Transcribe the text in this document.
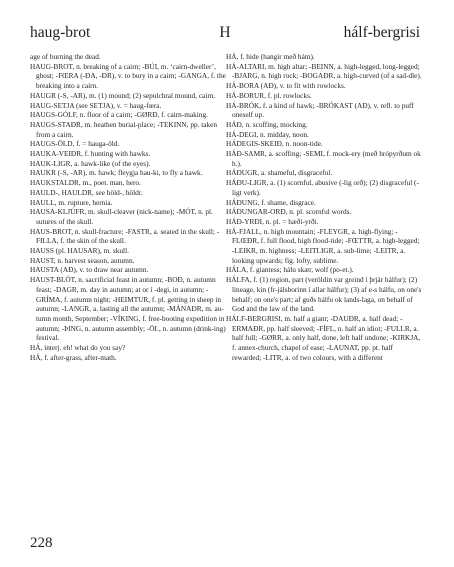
haug-brot	H	hálf-bergrisi

age of burning the dead.

HAUG-BROT, n. breaking of a cairn; -BÚI, m. ‘cairn-dweller’, ghost; -FŒRA (-ÐA, -ÐR), v. to bury in a cairn; -GANGA, f. the breaking into a cairn.

HAUGR (-S, -AR), m. (1) mound; (2) sepulchral mound, cairn.

HAUG-SETJA (see SETJA), v. = haug-fœra.

HAUGS-GÓLF, n. floor of a cairn; -GØRÐ, f. cairn-making.

HAUGS-STAÐR, m. heathen burial-place; -TEKINN, pp. taken from a cairn.

HAUGS-ÖLD, f. = hauga-öld.

HAUKA-VEIÐR, f. hunting with hawks.

HAUK-LIGR, a. hawk-like (of the eyes).

HAUKR (-S, -AR), m. hawk; fleygja hau-ki, to fly a hawk.

HAUKSTALDR, m., poet. man, hero.

HAULD-, HAULDR, see höld-, höldr.

HAULL, m. rupture, hernia.

HAUSA-KLJÚFR, m. skull-cleaver (nick-name); -MÓT, n. pl. sutures of the skull.

HAUS-BROT, n. skull-fracture; -FASTR, a. seated in the skull; -FILLA, f. the skin of the skull.

HAUSS (pl. HAUSAR), m. skull.

HAUST, n. harvest season, autumn.

HAUSTA (AÐ), v. to draw near autumn.

HAUST-BLÓT, n. sacrificial feast in autumn; -BOÐ, n. autumn feast; -DAGR, m. day in autumn; at or í -degi, in autumn; -GRÍMA, f. autumn night; -HEIMTUR, f. pl. getting in sheep in autumn; -LANGR, a. lasting all the autumn; -MÁNAÐR, m. au-tumn month, September; -VÍKING, f. free-booting expedition in autumn; -ÞING, n. autumn assembly; -ÖL, n. autumn (drink-ing) festival.

HÁ, interj. eh! what do you say?

HÁ, f. after-grass, after-math.

HÁ, f. hide (hangir með hám).

HÁ-ALTARI, m. high altar; -BEINN, a. high-legged, long-legged; -BJARG, n. high rock; -BOGAÐR, a. high-curved (of a sad-dle).

HÁ-BORA (AÐ), v. to fit with rowlocks.

HÁ-BORUR, f. pl. rowlocks.

HÁ-BRÓK, f. a kind of hawk; -BRÓKAST (AÐ), v. refl. to puff oneself up.

HÁÐ, n. scoffing, mocking.

HÁ-DEGI, n. midday, noon.

HÁDEGIS-SKEIÐ, n. noon-tide.

HÁÐ-SAMR, a. scoffing; -SEMI, f. mock-ery (með hrópyrðum ok h.).

HÁÐUGR, a. shameful, disgraceful.

HÁÐU-LIGR, a. (1) scornful, abusive (-lig orð); (2) disgraceful (-ligt verk).

HÁÐUNG, f. shame, disgrace.

HÁÐUNGAR-ORÐ, n. pl. scornful words.

HÁÐ-YRÐI, n. pl. = hæði-yrði.

HÁ-FJALL, n. high mountain; -FLEYGR, a. high-flying; -FLŒÐR, f. full flood, high flood-tide; -FŒTTR, a. high-legged; -LEIKR, m. highness; -LEITLIGR, a. sub-lime; -LEITR, a. looking upwards; fig. lofty, sublime.

HÁLA, f. giantess; hálu skær, wolf (po-et.).

HÁLFA, f. (1) region, part (veröldin var greind í þrjár hálfur); (2) lineage, kin (fr-jálsborinn í allar hálfur); (3) af e-s hálfu, on one's behalf; on one's part; af guðs hálfu ok lands-laga, on behalf of God and the law of the land.

HÁLF-BERGRISI, m. half a giant; -DAUÐR, a. half dead; -ERMAÐR, pp. half sleeved; -FÍFL, n. half an idiot; -FULLR, a. half full; -GØRR, a. only half, done, left half undone; -KIRKJA, f. annex-church, chapel of ease; -LAUNAT, pp. pt. half rewarded; -LITR, a. of two colours, with a different

228
